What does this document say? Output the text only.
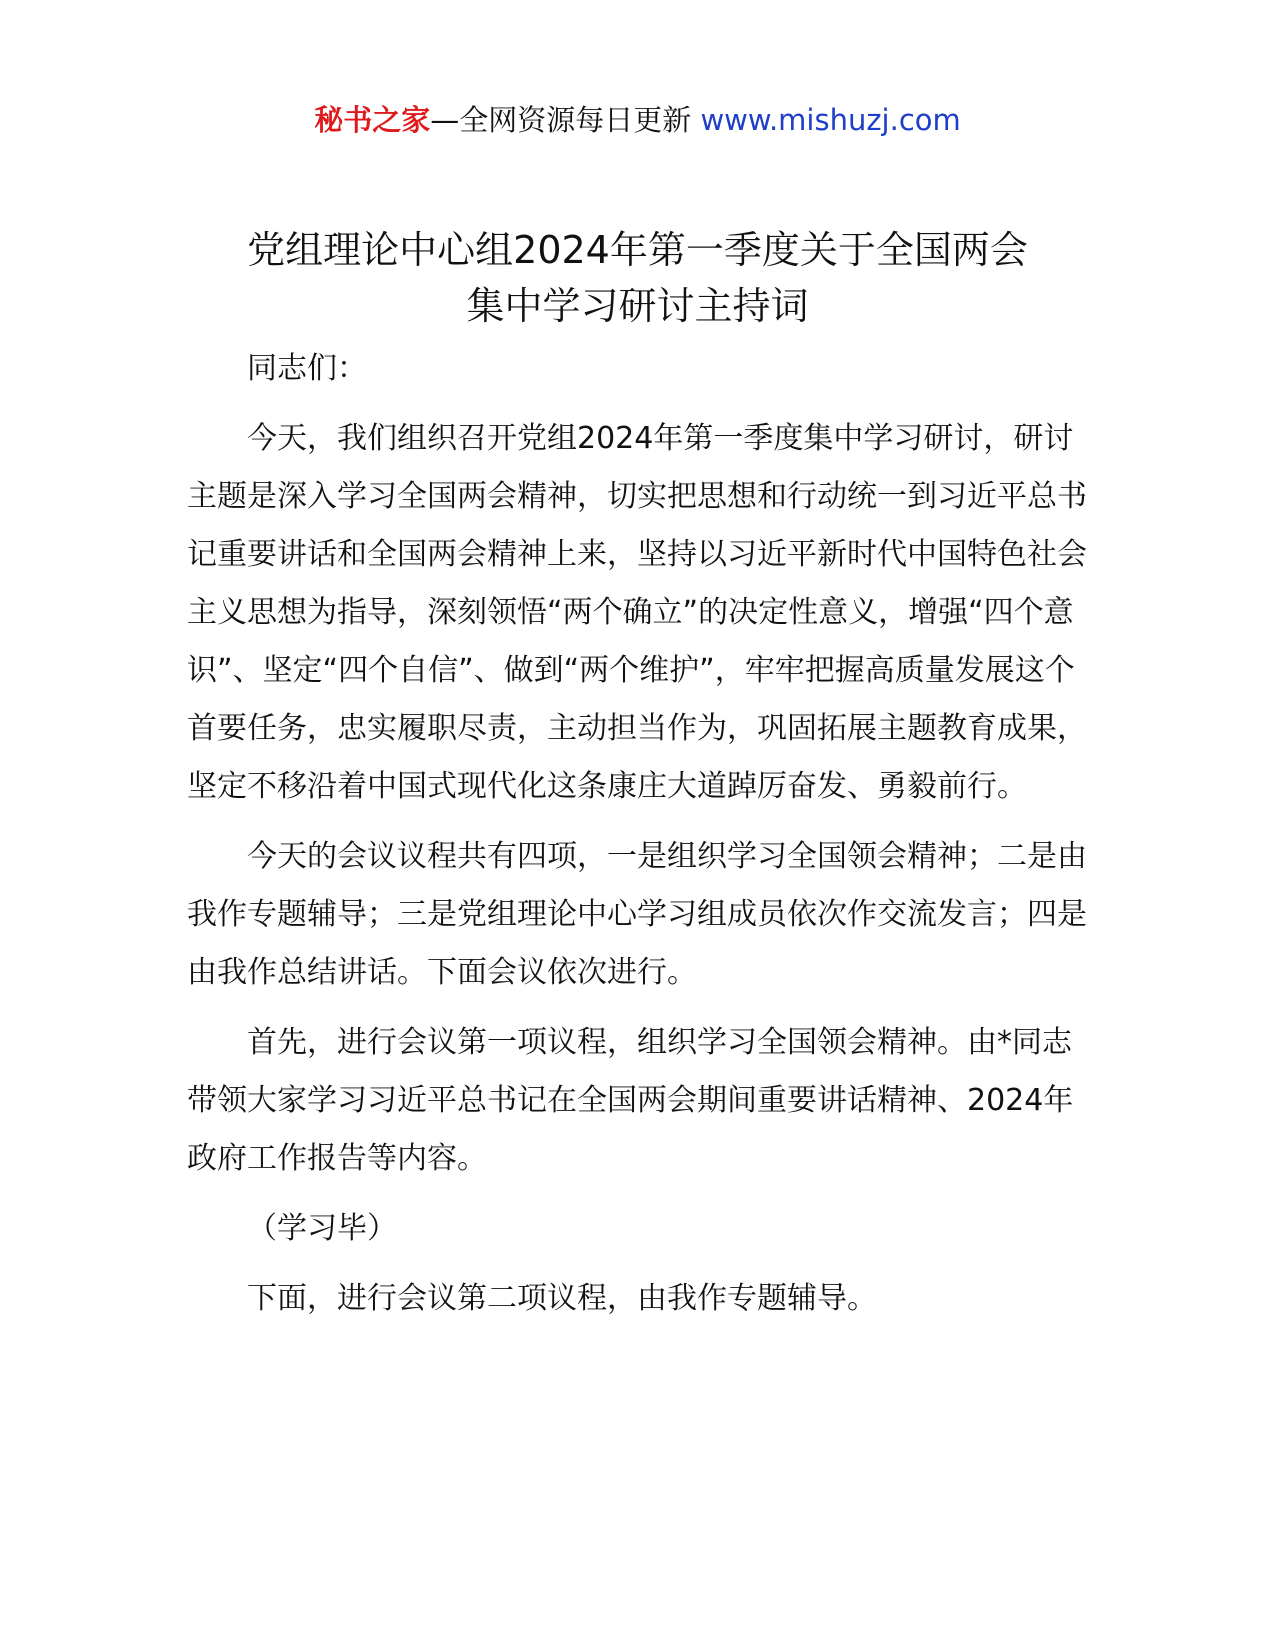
秘书之家—全网资源每日更新 www.mishuzj.com
党组理论中心组2024年第一季度关于全国两会
集中学习研讨主持词

同志们：

今天，我们组织召开党组2024年第一季度集中学习研讨，研讨主题是深入学习全国两会精神，切实把思想和行动统一到习近平总书记重要讲话和全国两会精神上来，坚持以习近平新时代中国特色社会主义思想为指导，深刻领悟“两个确立”的决定性意义，增强“四个意识”、坚定“四个自信”、做到“两个维护”，牢牢把握高质量发展这个首要任务，忠实履职尽责，主动担当作为，巩固拓展主题教育成果，坚定不移沿着中国式现代化这条康庄大道踔厉奋发、勇毅前行。

今天的会议议程共有四项，一是组织学习全国领会精神；二是由我作专题辅导；三是党组理论中心学习组成员依次作交流发言；四是由我作总结讲话。下面会议依次进行。

首先，进行会议第一项议程，组织学习全国领会精神。由*同志带领大家学习习近平总书记在全国两会期间重要讲话精神、2024年政府工作报告等内容。

（学习毕）

下面，进行会议第二项议程，由我作专题辅导。
